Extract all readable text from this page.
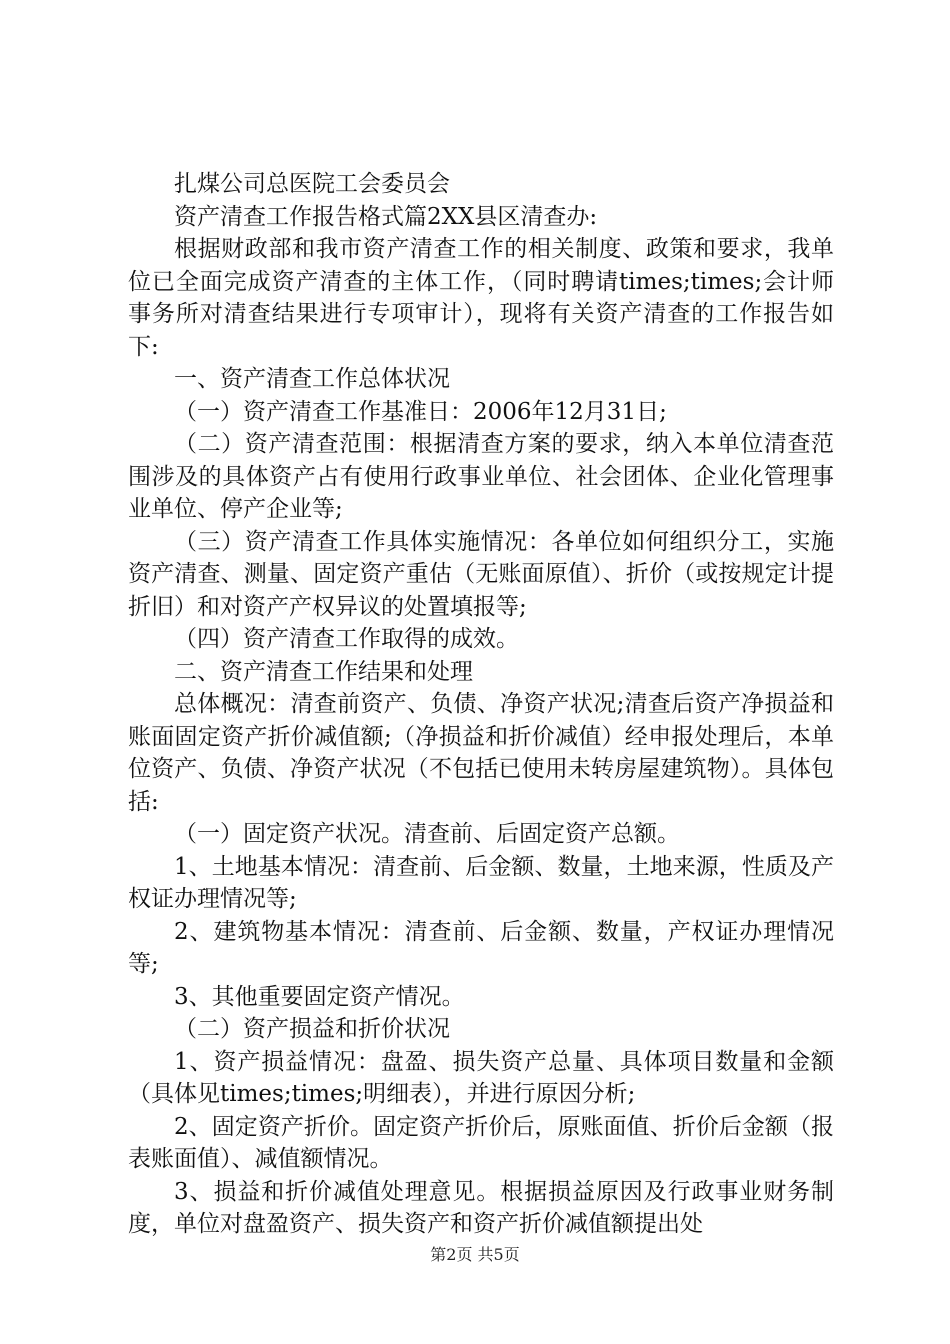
扎煤公司总医院工会委员会

资产清查工作报告格式篇2XX县区清查办:

根据财政部和我市资产清查工作的相关制度、政策和要求，我单位已全面完成资产清查的主体工作，（同时聘请times;times;会计师事务所对清查结果进行专项审计），现将有关资产清查的工作报告如下:

一、资产清查工作总体状况

（一）资产清查工作基准日：2006年12月31日;

（二）资产清查范围：根据清查方案的要求，纳入本单位清查范围涉及的具体资产占有使用行政事业单位、社会团体、企业化管理事业单位、停产企业等;

（三）资产清查工作具体实施情况：各单位如何组织分工，实施资产清查、测量、固定资产重估（无账面原值）、折价（或按规定计提折旧）和对资产产权异议的处置填报等;

（四）资产清查工作取得的成效。

二、资产清查工作结果和处理

总体概况：清查前资产、负债、净资产状况;清查后资产净损益和账面固定资产折价减值额;（净损益和折价减值）经申报处理后，本单位资产、负债、净资产状况（不包括已使用未转房屋建筑物）。具体包括:

（一）固定资产状况。清查前、后固定资产总额。

1、土地基本情况：清查前、后金额、数量，土地来源，性质及产权证办理情况等;

2、建筑物基本情况：清查前、后金额、数量，产权证办理情况等;

3、其他重要固定资产情况。

（二）资产损益和折价状况

1、资产损益情况：盘盈、损失资产总量、具体项目数量和金额（具体见times;times;明细表），并进行原因分析;

2、固定资产折价。固定资产折价后，原账面值、折价后金额（报表账面值）、减值额情况。

3、损益和折价减值处理意见。根据损益原因及行政事业财务制度，单位对盘盈资产、损失资产和资产折价减值额提出处

第2页 共5页
